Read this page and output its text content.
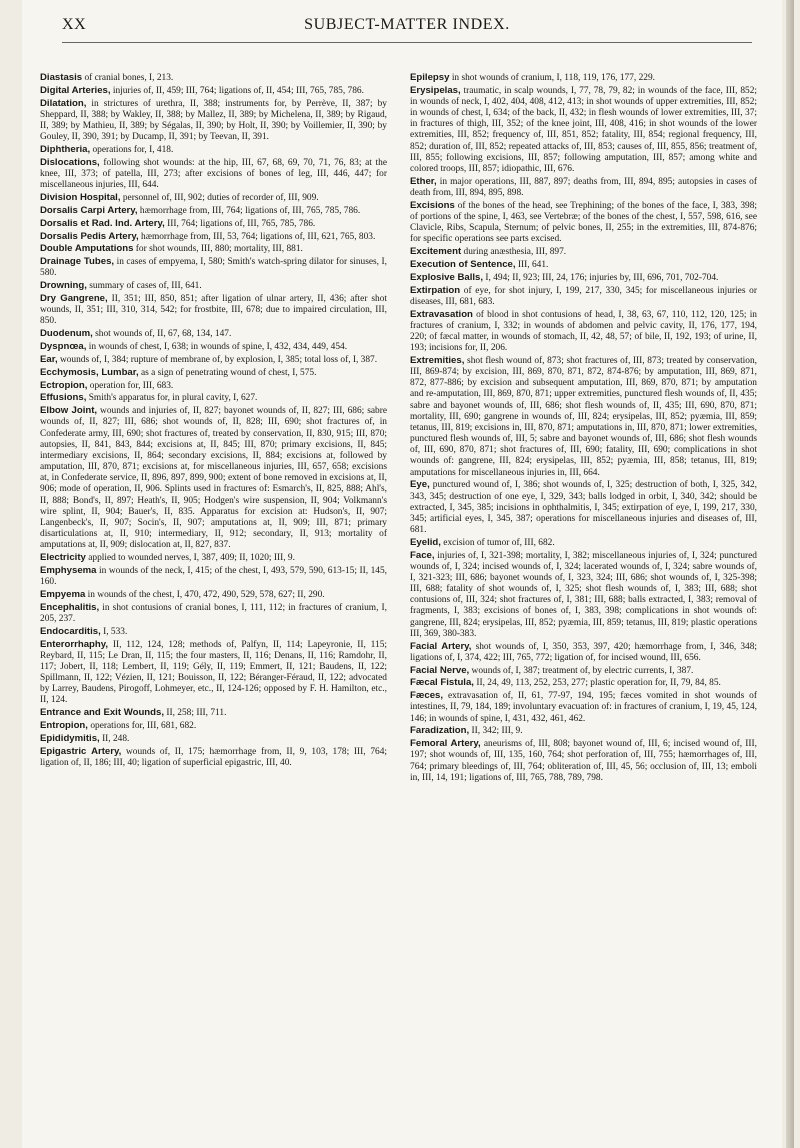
XX	SUBJECT-MATTER INDEX.
Diastasis of cranial bones, I, 213.
Digital Arteries, injuries of, II, 459; III, 764; ligations of, II, 454; III, 765, 785, 786.
Dilatation, in strictures of urethra, II, 388; instruments for, by Perrève, II, 387; by Sheppard, II, 388; by Wakley, II, 388; by Mallez, II, 389; by Michelena, II, 389; by Rigaud, II, 389; by Mathieu, II, 389; by Ségalas, II, 390; by Holt, II, 390; by Voillemier, II, 390; by Gouley, II, 390, 391; by Ducamp, II, 391; by Teevan, II, 391.
Diphtheria, operations for, I, 418.
Dislocations, following shot wounds: at the hip, III, 67, 68, 69, 70, 71, 76, 83; at the knee, III, 373; of patella, III, 273; after excisions of bones of leg, III, 446, 447; for miscellaneous injuries, III, 644.
Division Hospital, personnel of, III, 902; duties of recorder of, III, 909.
Dorsalis Carpi Artery, hæmorrhage from, III, 764; ligations of, III, 765, 785, 786.
Dorsalis et Rad. Ind. Artery, III, 764; ligations of, III, 765, 785, 786.
Dorsalis Pedis Artery, hæmorrhage from, III, 53, 764; ligations of, III, 621, 765, 803.
Double Amputations for shot wounds, III, 880; mortality, III, 881.
Drainage Tubes, in cases of empyema, I, 580; Smith's watch-spring dilator for sinuses, I, 580.
Drowning, summary of cases of, III, 641.
Dry Gangrene, II, 351; III, 850, 851; after ligation of ulnar artery, II, 436; after shot wounds, II, 351; III, 310, 314, 542; for frostbite, III, 678; due to impaired circulation, III, 850.
Duodenum, shot wounds of, II, 67, 68, 134, 147.
Dyspnœa, in wounds of chest, I, 638; in wounds of spine, I, 432, 434, 449, 454.
Ear, wounds of, I, 384; rupture of membrane of, by explosion, I, 385; total loss of, I, 387.
Ecchymosis, Lumbar, as a sign of penetrating wound of chest, I, 575.
Ectropion, operation for, III, 683.
Effusions, Smith's apparatus for, in plural cavity, I, 627.
Elbow Joint, wounds and injuries of, II, 827; bayonet wounds of, II, 827; III, 686; sabre wounds of, II, 827; III, 686; shot wounds of, II, 828; III, 690; shot fractures of, in Confederate army, III, 690; shot fractures of, treated by conservation, II, 830, 915; III, 870; autopsies, II, 841, 843, 844; excisions at, II, 845; III, 870; primary excisions, II, 845; intermediary excisions, II, 864; secondary excisions, II, 884; excisions at, followed by amputation, III, 870, 871; excisions at, for miscellaneous injuries, III, 657, 658; excisions at, in Confederate service, II, 896, 897, 899, 900; extent of bone removed in excisions at, II, 906; mode of operation, II, 906. Splints used in fractures of: Esmarch's, II, 825, 888; Ahl's, II, 888; Bond's, II, 897; Heath's, II, 905; Hodgen's wire suspension, II, 904; Volkmann's wire splint, II, 904; Bauer's, II, 835. Apparatus for excision at: Hudson's, II, 907; Langenbeck's, II, 907; Socin's, II, 907; amputations at, II, 909; III, 871; primary disarticulations at, II, 910; intermediary, II, 912; secondary, II, 913; mortality of amputations at, II, 909; dislocation at, II, 827, 837.
Electricity applied to wounded nerves, I, 387, 409; II, 1020; III, 9.
Emphysema in wounds of the neck, I, 415; of the chest, I, 493, 579, 590, 613-15; II, 145, 160.
Empyema in wounds of the chest, I, 470, 472, 490, 529, 578, 627; II, 290.
Encephalitis, in shot contusions of cranial bones, I, 111, 112; in fractures of cranium, I, 205, 237.
Endocarditis, I, 533.
Enterorrhaphy, II, 112, 124, 128; methods of, Palfyn, II, 114; Lapeyronie, II, 115; Reybard, II, 115; Le Dran, II, 115; the four masters, II, 116; Denans, II, 116; Ramdohr, II, 117; Jobert, II, 118; Lembert, II, 119; Gély, II, 119; Emmert, II, 121; Baudens, II, 122; Spillmann, II, 122; Vézien, II, 121; Bouisson, II, 122; Béranger-Féraud, II, 122; advocated by Larrey, Baudens, Pirogoff, Lohmeyer, etc., II, 124-126; opposed by F. H. Hamilton, etc., II, 124.
Entrance and Exit Wounds, II, 258; III, 711.
Entropion, operations for, III, 681, 682.
Epididymitis, II, 248.
Epigastric Artery, wounds of, II, 175; hæmorrhage from, II, 9, 103, 178; III, 764; ligation of, II, 186; III, 40; ligation of superficial epigastric, III, 40.
Epilepsy in shot wounds of cranium, I, 118, 119, 176, 177, 229.
Erysipelas, traumatic, in scalp wounds, I, 77, 78, 79, 82; in wounds of the face, III, 852; in wounds of neck, I, 402, 404, 408, 412, 413; in shot wounds of upper extremities, III, 852; in wounds of chest, I, 634; of the back, II, 432; in flesh wounds of lower extremities, III, 37; in fractures of thigh, III, 352; of the knee joint, III, 408, 416; in shot wounds of the lower extremities, III, 852; frequency of, III, 851, 852; fatality, III, 854; regional frequency, III, 852; duration of, III, 852; repeated attacks of, III, 853; causes of, III, 855, 856; treatment of, III, 855; following excisions, III, 857; following amputation, III, 857; among white and colored troops, III, 857; idiopathic, III, 676.
Ether, in major operations, III, 887, 897; deaths from, III, 894, 895; autopsies in cases of death from, III, 894, 895, 898.
Excisions of the bones of the head, see Trephining; of the bones of the face, I, 383, 398; of portions of the spine, I, 463, see Vertebræ; of the bones of the chest, I, 557, 598, 616, see Clavicle, Ribs, Scapula, Sternum; of pelvic bones, II, 255; in the extremities, III, 874-876; for specific operations see parts excised.
Excitement during anæsthesia, III, 897.
Execution of Sentence, III, 641.
Explosive Balls, I, 494; II, 923; III, 24, 176; injuries by, III, 696, 701, 702-704.
Extirpation of eye, for shot injury, I, 199, 217, 330, 345; for miscellaneous injuries or diseases, III, 681, 683.
Extravasation of blood in shot contusions of head, I, 38, 63, 67, 110, 112, 120, 125; in fractures of cranium, I, 332; in wounds of abdomen and pelvic cavity, II, 176, 177, 194, 220; of fæcal matter, in wounds of stomach, II, 42, 48, 57; of bile, II, 192, 193; of urine, II, 193; incisions for, II, 206.
Extremities, shot flesh wound of, 873; shot fractures of, III, 873; treated by conservation, III, 869-874; by excision, III, 869, 870, 871, 872, 874-876; by amputation, III, 869, 871, 872, 877-886; by excision and subsequent amputation, III, 869, 870, 871; by amputation and re-amputation, III, 869, 870, 871; upper extremities, punctured flesh wounds of, II, 435; sabre and bayonet wounds of, III, 686; shot flesh wounds of, II, 435; III, 690, 870, 871; mortality, III, 690; gangrene in wounds of, III, 824; erysipelas, III, 852; pyæmia, III, 859; tetanus, III, 819; excisions in, III, 870, 871; amputations in, III, 870, 871; lower extremities, punctured flesh wounds of, III, 5; sabre and bayonet wounds of, III, 686; shot flesh wounds of, III, 690, 870, 871; shot fractures of, III, 690; fatality, III, 690; complications in shot wounds of: gangrene, III, 824; erysipelas, III, 852; pyæmia, III, 858; tetanus, III, 819; amputations for miscellaneous injuries in, III, 664.
Eye, punctured wound of, I, 386; shot wounds of, I, 325; destruction of both, I, 325, 342, 343, 345; destruction of one eye, I, 329, 343; balls lodged in orbit, I, 340, 342; should be extracted, I, 345, 385; incisions in ophthalmitis, I, 345; extirpation of eye, I, 199, 217, 330, 345; artificial eyes, I, 345, 387; operations for miscellaneous injuries and diseases of, III, 681.
Eyelid, excision of tumor of, III, 682.
Face, injuries of, I, 321-398; mortality, I, 382; miscellaneous injuries of, I, 324; punctured wounds of, I, 324; incised wounds of, I, 324; lacerated wounds of, I, 324; sabre wounds of, I, 321-323; III, 686; bayonet wounds of, I, 323, 324; III, 686; shot wounds of, I, 325-398; III, 688; fatality of shot wounds of, I, 325; shot flesh wounds of, I, 383; III, 688; shot contusions of, III, 324; shot fractures of, I, 381; III, 688; balls extracted, I, 383; removal of fragments, I, 383; excisions of bones of, I, 383, 398; complications in shot wounds of: gangrene, III, 824; erysipelas, III, 852; pyæmia, III, 859; tetanus, III, 819; plastic operations III, 369, 380-383.
Facial Artery, shot wounds of, I, 350, 353, 397, 420; hæmorrhage from, I, 346, 348; ligations of, I, 374, 422; III, 765, 772; ligation of, for incised wound, III, 656.
Facial Nerve, wounds of, I, 387; treatment of, by electric currents, I, 387.
Fæcal Fistula, II, 24, 49, 113, 252, 253, 277; plastic operation for, II, 79, 84, 85.
Fæces, extravasation of, II, 61, 77-97, 194, 195; fæces vomited in shot wounds of intestines, II, 79, 184, 189; involuntary evacuation of: in fractures of cranium, I, 19, 45, 124, 146; in wounds of spine, I, 431, 432, 461, 462.
Faradization, II, 342; III, 9.
Femoral Artery, aneurisms of, III, 808; bayonet wound of, III, 6; incised wound of, III, 197; shot wounds of, III, 135, 160, 764; shot perforation of, III, 755; hæmorrhages of, III, 764; primary bleedings of, III, 764; obliteration of, III, 45, 56; occlusion of, III, 13; emboli in, III, 14, 191; ligations of, III, 765, 788, 789, 798.
